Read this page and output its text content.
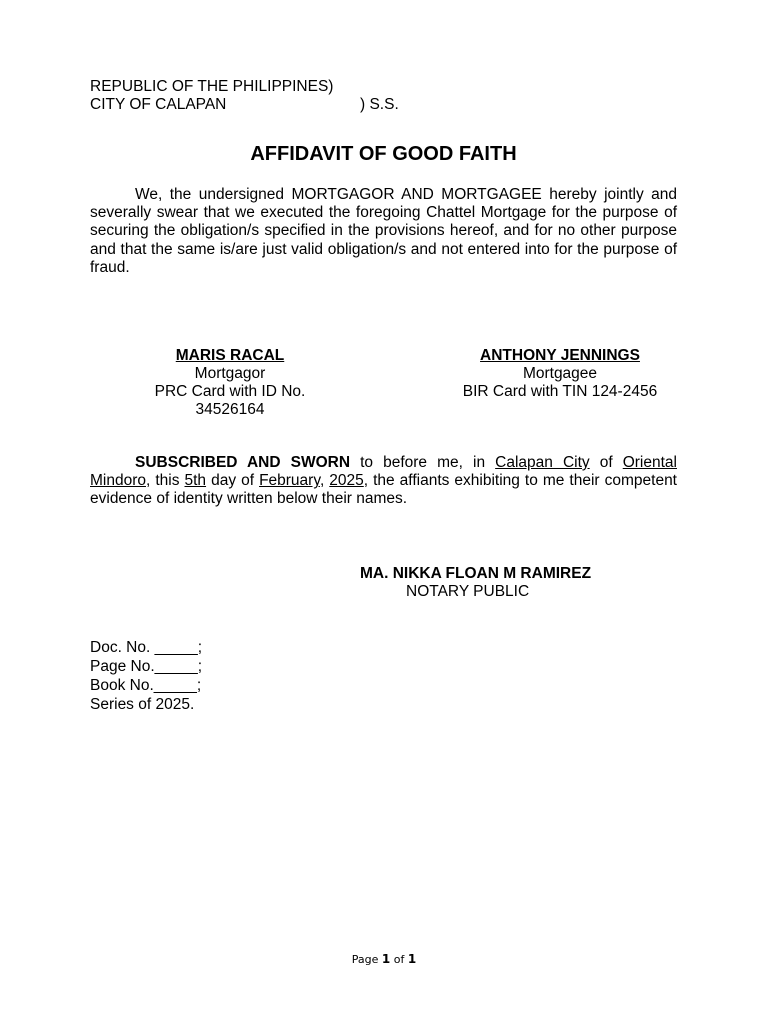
REPUBLIC OF THE PHILIPPINES)
CITY OF CALAPAN	) S.S.
AFFIDAVIT OF GOOD FAITH

We, the undersigned MORTGAGOR AND MORTGAGEE hereby jointly and severally swear that we executed the foregoing Chattel Mortgage for the purpose of securing the obligation/s specified in the provisions hereof, and for no other purpose and that the same is/are just valid obligation/s and not entered into for the purpose of fraud.

MARIS RACAL
Mortgagor
PRC Card with ID No. 34526164
ANTHONY JENNINGS
Mortgagee
BIR Card with TIN 124-2456

SUBSCRIBED AND SWORN to before me, in Calapan City of Oriental Mindoro, this 5th day of February, 2025, the affiants exhibiting to me their competent evidence of identity written below their names.

MA. NIKKA FLOAN M RAMIREZ
NOTARY PUBLIC
Doc. No. _____;
Page No._____;
Book No._____;
Series of 2025.
Page 1 of 1
